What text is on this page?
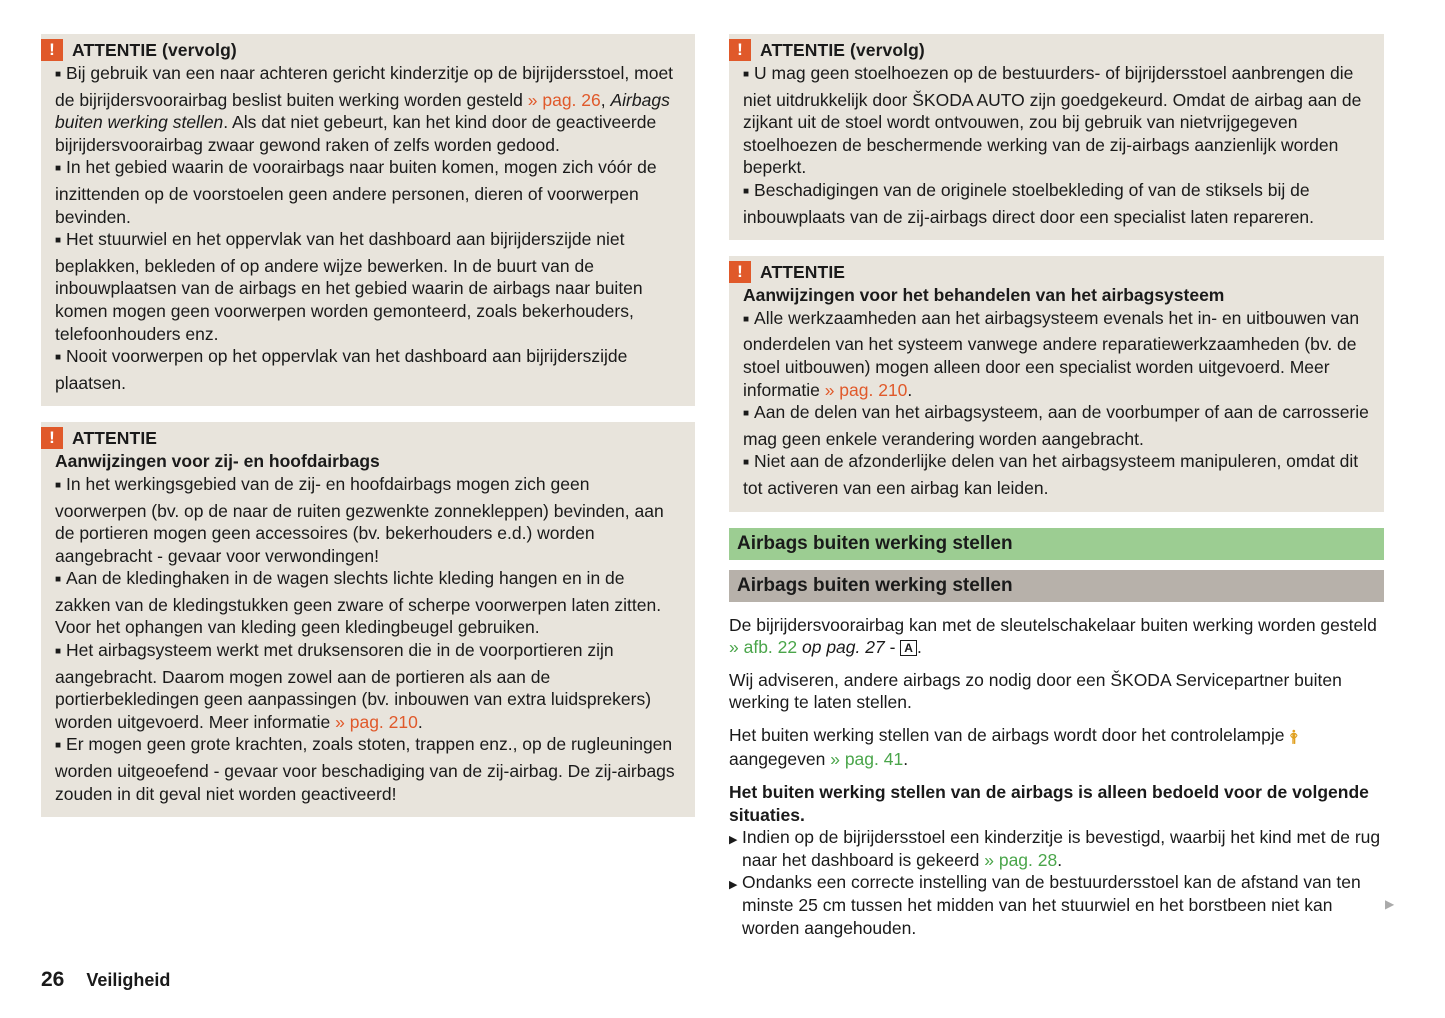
! ATTENTIE (vervolg)

■ Bij gebruik van een naar achteren gericht kinderzitje op de bijrijdersstoel, moet de bijrijdersvoorairbag beslist buiten werking worden gesteld » pag. 26, Airbags buiten werking stellen. Als dat niet gebeurt, kan het kind door de geactiveerde bijrijdersvoorairbag zwaar gewond raken of zelfs worden gedood.

■ In het gebied waarin de voorairbags naar buiten komen, mogen zich vóór de inzittenden op de voorstoelen geen andere personen, dieren of voorwerpen bevinden.

■ Het stuurwiel en het oppervlak van het dashboard aan bijrijderszijde niet beplakken, bekleden of op andere wijze bewerken. In de buurt van de inbouwplaatsen van de airbags en het gebied waarin de airbags naar buiten komen mogen geen voorwerpen worden gemonteerd, zoals bekerhouders, telefoonhouders enz.

■ Nooit voorwerpen op het oppervlak van het dashboard aan bijrijderszijde plaatsen.

! ATTENTIE

Aanwijzingen voor zij- en hoofdairbags

■ In het werkingsgebied van de zij- en hoofdairbags mogen zich geen voorwerpen (bv. op de naar de ruiten gezwenkte zonnekleppen) bevinden, aan de portieren mogen geen accessoires (bv. bekerhouders e.d.) worden aangebracht - gevaar voor verwondingen!

■ Aan de kledinghaken in de wagen slechts lichte kleding hangen en in de zakken van de kledingstukken geen zware of scherpe voorwerpen laten zitten. Voor het ophangen van kleding geen kledingbeugel gebruiken.

■ Het airbagsysteem werkt met druksensoren die in de voorportieren zijn aangebracht. Daarom mogen zowel aan de portieren als aan de portierbekledingen geen aanpassingen (bv. inbouwen van extra luidsprekers) worden uitgevoerd. Meer informatie » pag. 210.

■ Er mogen geen grote krachten, zoals stoten, trappen enz., op de rugleuningen worden uitgeoefend - gevaar voor beschadiging van de zij-airbag. De zij-airbags zouden in dit geval niet worden geactiveerd!

! ATTENTIE (vervolg)

■ U mag geen stoelhoezen op de bestuurders- of bijrijdersstoel aanbrengen die niet uitdrukkelijk door ŠKODA AUTO zijn goedgekeurd. Omdat de airbag aan de zijkant uit de stoel wordt ontvouwen, zou bij gebruik van nietvrijgegeven stoelhoezen de beschermende werking van de zij-airbags aanzienlijk worden beperkt.

■ Beschadigingen van de originele stoelbekleding of van de stiksels bij de inbouwplaats van de zij-airbags direct door een specialist laten repareren.

! ATTENTIE

Aanwijzingen voor het behandelen van het airbagsysteem

■ Alle werkzaamheden aan het airbagsysteem evenals het in- en uitbouwen van onderdelen van het systeem vanwege andere reparatiewerkzaamheden (bv. de stoel uitbouwen) mogen alleen door een specialist worden uitgevoerd. Meer informatie » pag. 210.

■ Aan de delen van het airbagsysteem, aan de voorbumper of aan de carrosserie mag geen enkele verandering worden aangebracht.

■ Niet aan de afzonderlijke delen van het airbagsysteem manipuleren, omdat dit tot activeren van een airbag kan leiden.

Airbags buiten werking stellen
Airbags buiten werking stellen

De bijrijdersvoorairbag kan met de sleutelschakelaar buiten werking worden gesteld » afb. 22 op pag. 27 - A .

Wij adviseren, andere airbags zo nodig door een ŠKODA Servicepartner buiten werking te laten stellen.

Het buiten werking stellen van de airbags wordt door het controlelampje 🛉 aangegeven » pag. 41.

Het buiten werking stellen van de airbags is alleen bedoeld voor de volgende situaties.

▶ Indien op de bijrijdersstoel een kinderzitje is bevestigd, waarbij het kind met de rug naar het dashboard is gekeerd » pag. 28.

▶ Ondanks een correcte instelling van de bestuurdersstoel kan de afstand van ten minste 25 cm tussen het midden van het stuurwiel en het borstbeen niet kan worden aangehouden.

▶
26 Veiligheid
